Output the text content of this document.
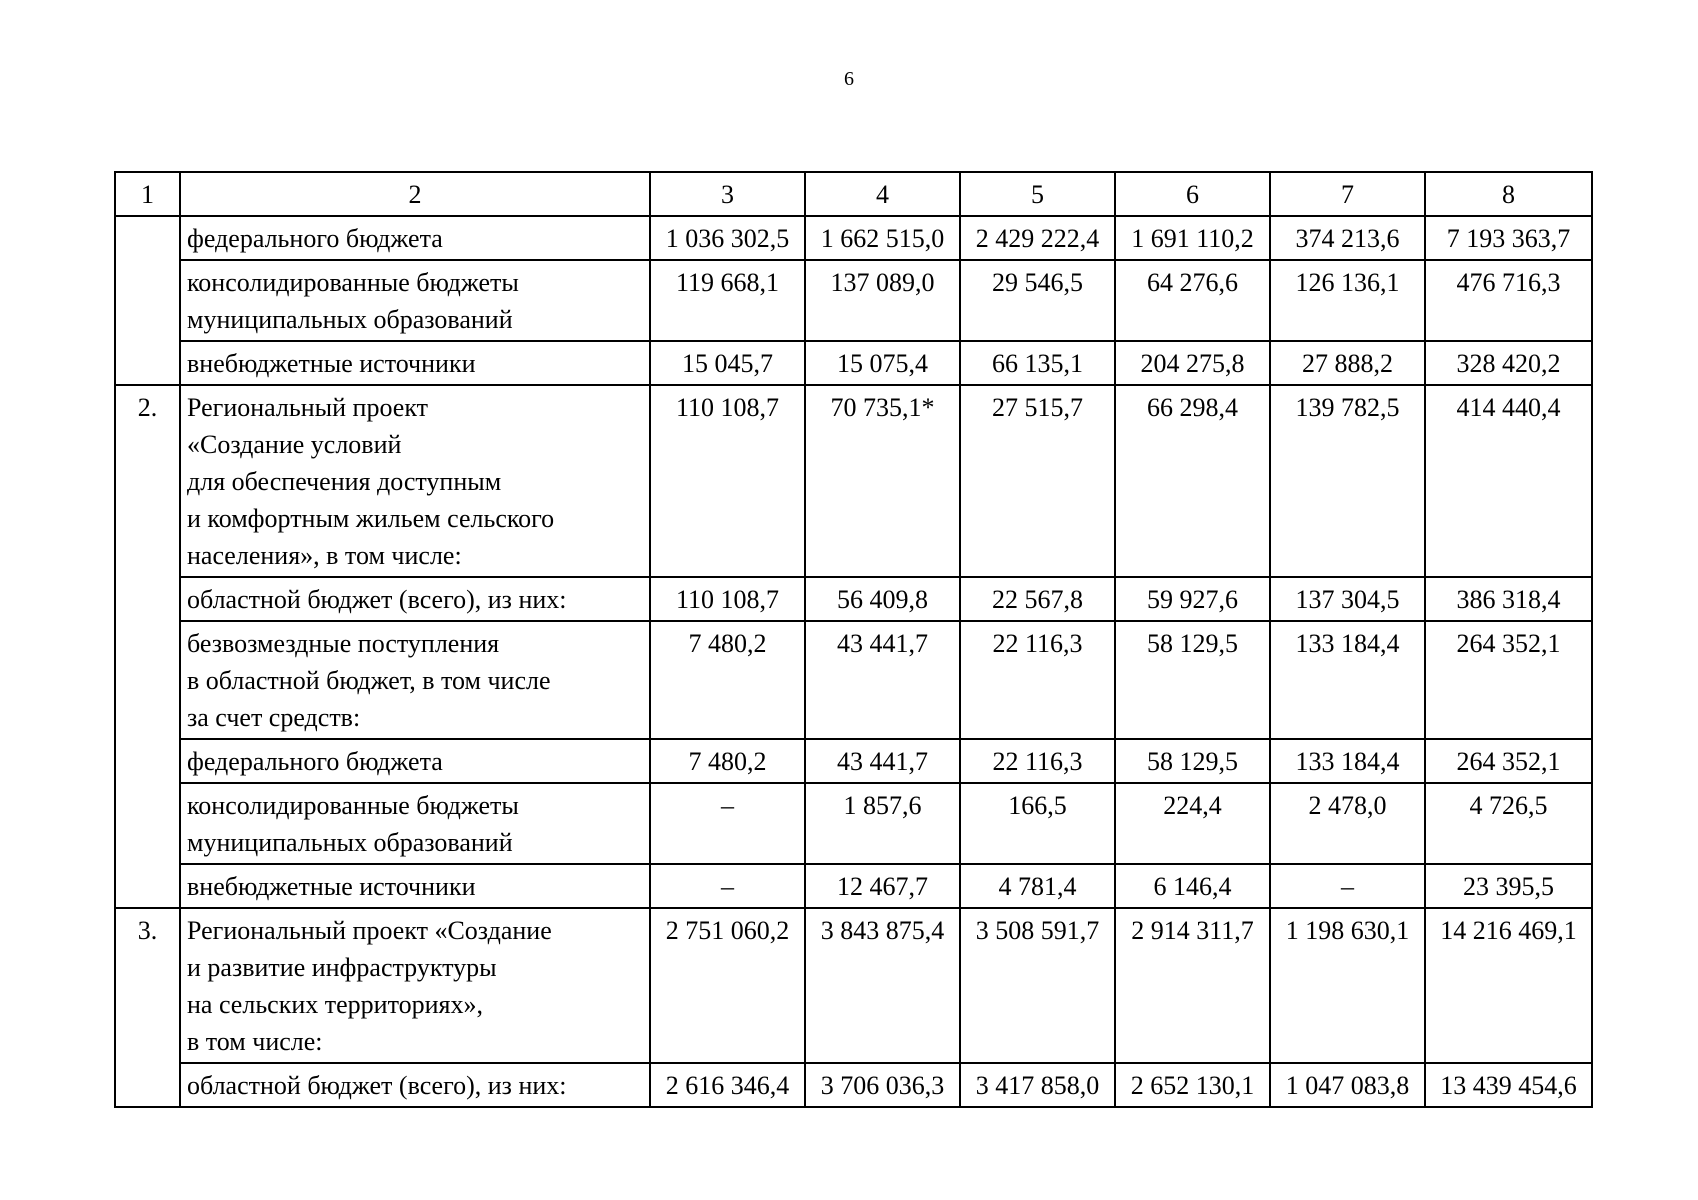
6
1	2	3	4	5	6	7	8

	федерального бюджета	1 036 302,5	1 662 515,0	2 429 222,4	1 691 110,2	374 213,6	7 193 363,7

	консолидированные бюджеты
муниципальных образований	119 668,1	137 089,0	29 546,5	64 276,6	126 136,1	476 716,3

	внебюджетные источники	15 045,7	15 075,4	66 135,1	204 275,8	27 888,2	328 420,2
2.	Региональный проект
«Создание условий
для обеспечения доступным
и комфортным жильем сельского
населения», в том числе:	110 108,7	70 735,1*	27 515,7	66 298,4	139 782,5	414 440,4

	областной бюджет (всего), из них:	110 108,7	56 409,8	22 567,8	59 927,6	137 304,5	386 318,4

	безвозмездные поступления
в областной бюджет, в том числе
за счет средств:	7 480,2	43 441,7	22 116,3	58 129,5	133 184,4	264 352,1

	федерального бюджета	7 480,2	43 441,7	22 116,3	58 129,5	133 184,4	264 352,1

	консолидированные бюджеты
муниципальных образований	–	1 857,6	166,5	224,4	2 478,0	4 726,5

	внебюджетные источники	–	12 467,7	4 781,4	6 146,4	–	23 395,5
3.	Региональный проект «Создание
и развитие инфраструктуры
на сельских территориях»,
в том числе:	2 751 060,2	3 843 875,4	3 508 591,7	2 914 311,7	1 198 630,1	14 216 469,1

	областной бюджет (всего), из них:	2 616 346,4	3 706 036,3	3 417 858,0	2 652 130,1	1 047 083,8	13 439 454,6
